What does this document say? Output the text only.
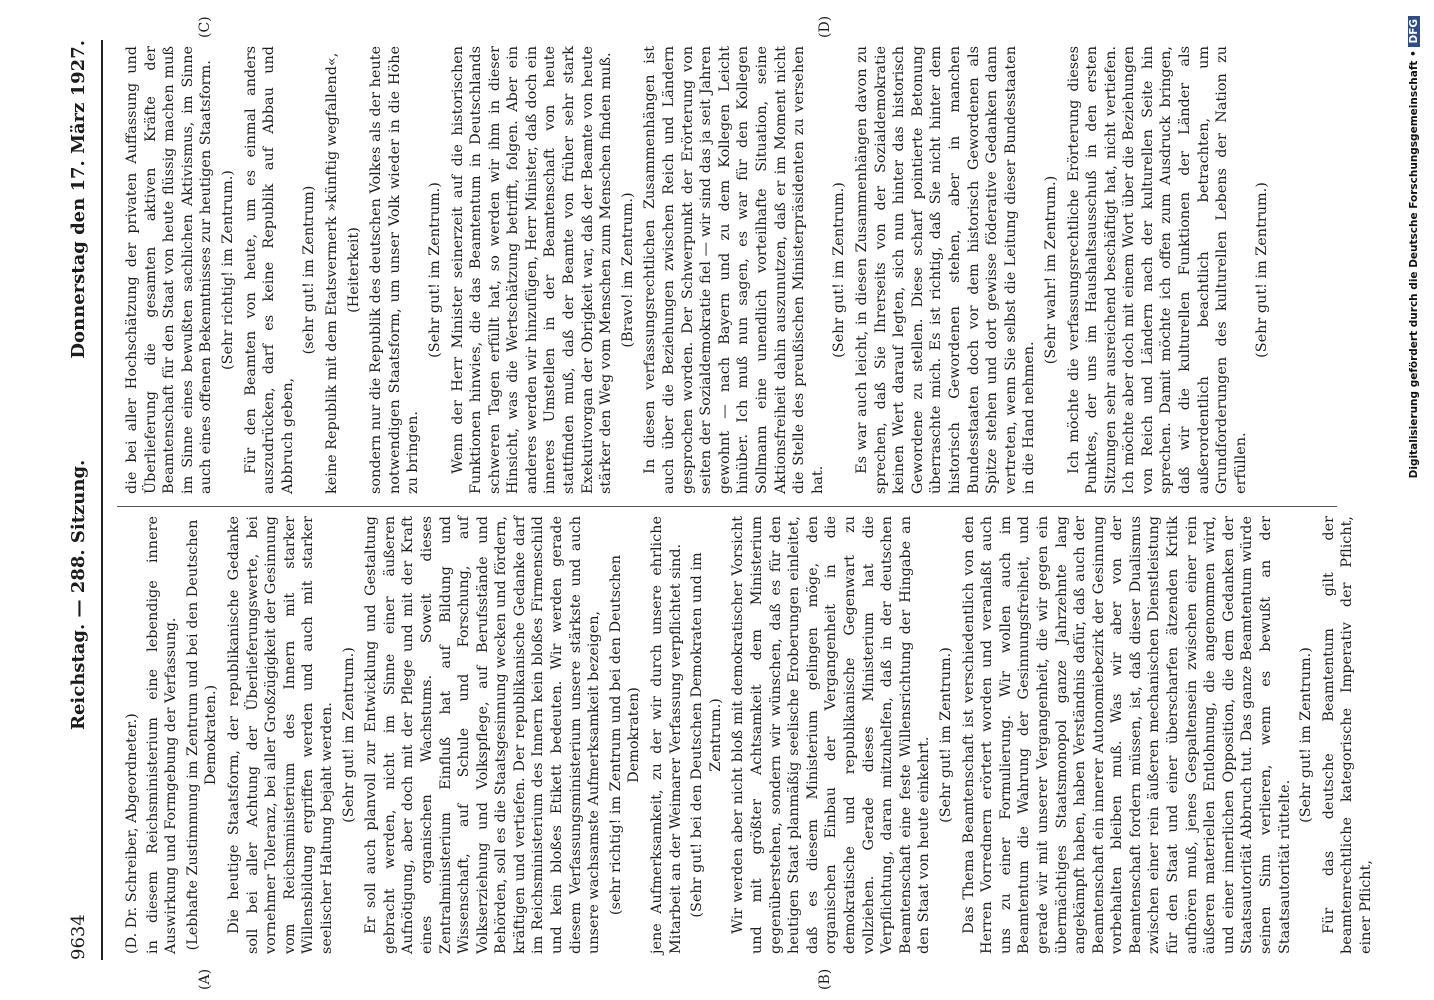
9634
Reichstag. — 288. Sitzung.
Donnerstag den 17. März 1927.
(A)	(B)
(C)	(D)

(D. Dr. Schreiber, Abgeordneter.) in diesem Reichsministerium eine lebendige innere Auswirkung und Formgebung der Verfassung. (Lebhafte Zustimmung im Zentrum und bei den Deutschen Demokraten.) Die heutige Staatsform, der republikanische Gedanke soll bei aller Achtung der Überlieferungswerte, bei vornehmer Toleranz, bei aller Großzügigkeit der Gesinnung vom Reichsministerium des Innern mit starker Willensbildung ergriffen werden und auch mit starker seelischer Haltung bejaht werden. (Sehr gut! im Zentrum.) Er soll auch planvoll zur Entwicklung und Gestaltung gebracht werden, nicht im Sinne einer äußeren Aufnötigung, aber doch mit der Pflege und mit der Kraft eines organischen Wachstums. Soweit dieses Zentralministerium Einfluß hat auf Bildung und Wissenschaft, auf Schule und Forschung, auf Volkserziehung und Volkspflege, auf Berufsstände und Behörden, soll es die Staatsgesinnung wecken und fördern, kräftigen und vertiefen. Der republikanische Gedanke darf im Reichsministerium des Innern kein bloßes Firmenschild und kein bloßes Etikett bedeuten. Wir werden gerade diesem Verfassungsministerium unsere stärkste und auch unsere wachsamste Aufmerksamkeit bezeigen, (sehr richtig! im Zentrum und bei den Deutschen Demokraten) jene Aufmerksamkeit, zu der wir durch unsere ehrliche Mitarbeit an der Weimarer Verfassung verpflichtet sind. (Sehr gut! bei den Deutschen Demokraten und im Zentrum.) Wir werden aber nicht bloß mit demokratischer Vorsicht und mit größter Achtsamkeit dem Ministerium gegenüberstehen, sondern wir wünschen, daß es für den heutigen Staat planmäßig seelische Eroberungen einleitet, daß es diesem Ministerium gelingen möge, den organischen Einbau der Vergangenheit in die demokratische und republikanische Gegenwart zu vollziehen. Gerade dieses Ministerium hat die Verpflichtung, daran mitzuhelfen, daß in der deutschen Beamtenschaft eine feste Willensrichtung der Hingabe an den Staat von heute einkehrt.

(Sehr gut! im Zentrum.) Das Thema Beamtenschaft ist verschiedentlich von den Herren Vorrednern erörtert worden und veranlaßt auch uns zu einer Formulierung. Wir wollen auch im Beamtentum die Wahrung der Gesinnungsfreiheit, und gerade wir mit unserer Vergangenheit, die wir gegen ein übermächtiges Staatsmonopol ganze Jahrzehnte lang angekämpft haben, haben Verständnis dafür, daß auch der Beamtenschaft ein innerer Autonomiebezirk der Gesinnung vorbehalten bleiben muß. Was wir aber von der Beamtenschaft fordern müssen, ist, daß dieser Dualismus zwischen einer rein äußeren mechanischen Dienstleistung für den Staat und einer überscharfen ätzenden Kritik aufhören muß, jenes Gespaltensein zwischen einer rein äußeren materiellen Entlohnung, die angenommen wird, und einer innerlichen Opposition, die dem Gedanken der Staatsautorität Abbruch tut. Das ganze Beamtentum würde seinen Sinn verlieren, wenn es bewußt an der Staatsautorität rüttelte.

(Sehr gut! im Zentrum.) Für das deutsche Beamtentum gilt der beamtenrechtliche kategorische Imperativ der Pflicht, einer Pflicht,

die bei aller Hochschätzung der privaten Auffassung und Überlieferung die gesamten aktiven Kräfte der Beamtenschaft für den Staat von heute flüssig machen muß im Sinne eines bewußten sachlichen Aktivismus, im Sinne auch eines offenen Bekenntnisses zur heutigen Staatsform. (Sehr richtig! im Zentrum.) Für den Beamten von heute, um es einmal anders auszudrücken, darf es keine Republik auf Abbau und Abbruch geben,

(sehr gut! im Zentrum) keine Republik mit dem Etatsvermerk »künftig wegfallend«, (Heiterkeit) sondern nur die Republik des deutschen Volkes als der heute notwendigen Staatsform, um unser Volk wieder in die Höhe zu bringen.

(Sehr gut! im Zentrum.) Wenn der Herr Minister seinerzeit auf die historischen Funktionen hinwies, die das Beamtentum in Deutschlands schweren Tagen erfüllt hat, so werden wir ihm in dieser Hinsicht, was die Wertschätzung betrifft, folgen. Aber ein anderes werden wir hinzufügen, Herr Minister, daß doch ein inneres Umstellen in der Beamtenschaft von heute stattfinden muß, daß der Beamte von früher sehr stark Exekutivorgan der Obrigkeit war, daß der Beamte von heute stärker den Weg vom Menschen zum Menschen finden muß. (Bravo! im Zentrum.) In diesen verfassungsrechtlichen Zusammenhängen ist auch über die Beziehungen zwischen Reich und Ländern gesprochen worden. Der Schwerpunkt der Erörterung von seiten der Sozialdemokratie fiel — wir sind das ja seit Jahren gewohnt — nach Bayern und zu dem Kollegen Leicht hinüber. Ich muß nun sagen, es war für den Kollegen Sollmann eine unendlich vorteilhafte Situation, seine Aktionsfreiheit dahin auszunutzen, daß er im Moment nicht die Stelle des preußischen Ministerpräsidenten zu versehen hat.

(Sehr gut! im Zentrum.) Es war auch leicht, in diesen Zusammenhängen davon zu sprechen, daß Sie Ihrerseits von der Sozialdemokratie keinen Wert darauf legten, sich nun hinter das historisch Gewordene zu stellen. Diese scharf pointierte Betonung überraschte mich. Es ist richtig, daß Sie nicht hinter dem historisch Gewordenen stehen, aber in manchen Bundesstaaten doch vor dem historisch Gewordenen als Spitze stehen und dort gewisse föderative Gedanken dann vertreten, wenn Sie selbst die Leitung dieser Bundesstaaten in die Hand nehmen.

(Sehr wahr! im Zentrum.) Ich möchte die verfassungsrechtliche Erörterung dieses Punktes, der uns im Haushaltsausschuß in den ersten Sitzungen sehr ausreichend beschäftigt hat, nicht vertiefen. Ich möchte aber doch mit einem Wort über die Beziehungen von Reich und Ländern nach der kulturellen Seite hin sprechen. Damit möchte ich offen zum Ausdruck bringen, daß wir die kulturellen Funktionen der Länder als außerordentlich beachtlich betrachten, um Grundforderungen des kulturellen Lebens der Nation zu erfüllen.

(Sehr gut! im Zentrum.)	Digitalisierung gefördert durch die Deutsche Forschungsgemeinschaft • DFG
